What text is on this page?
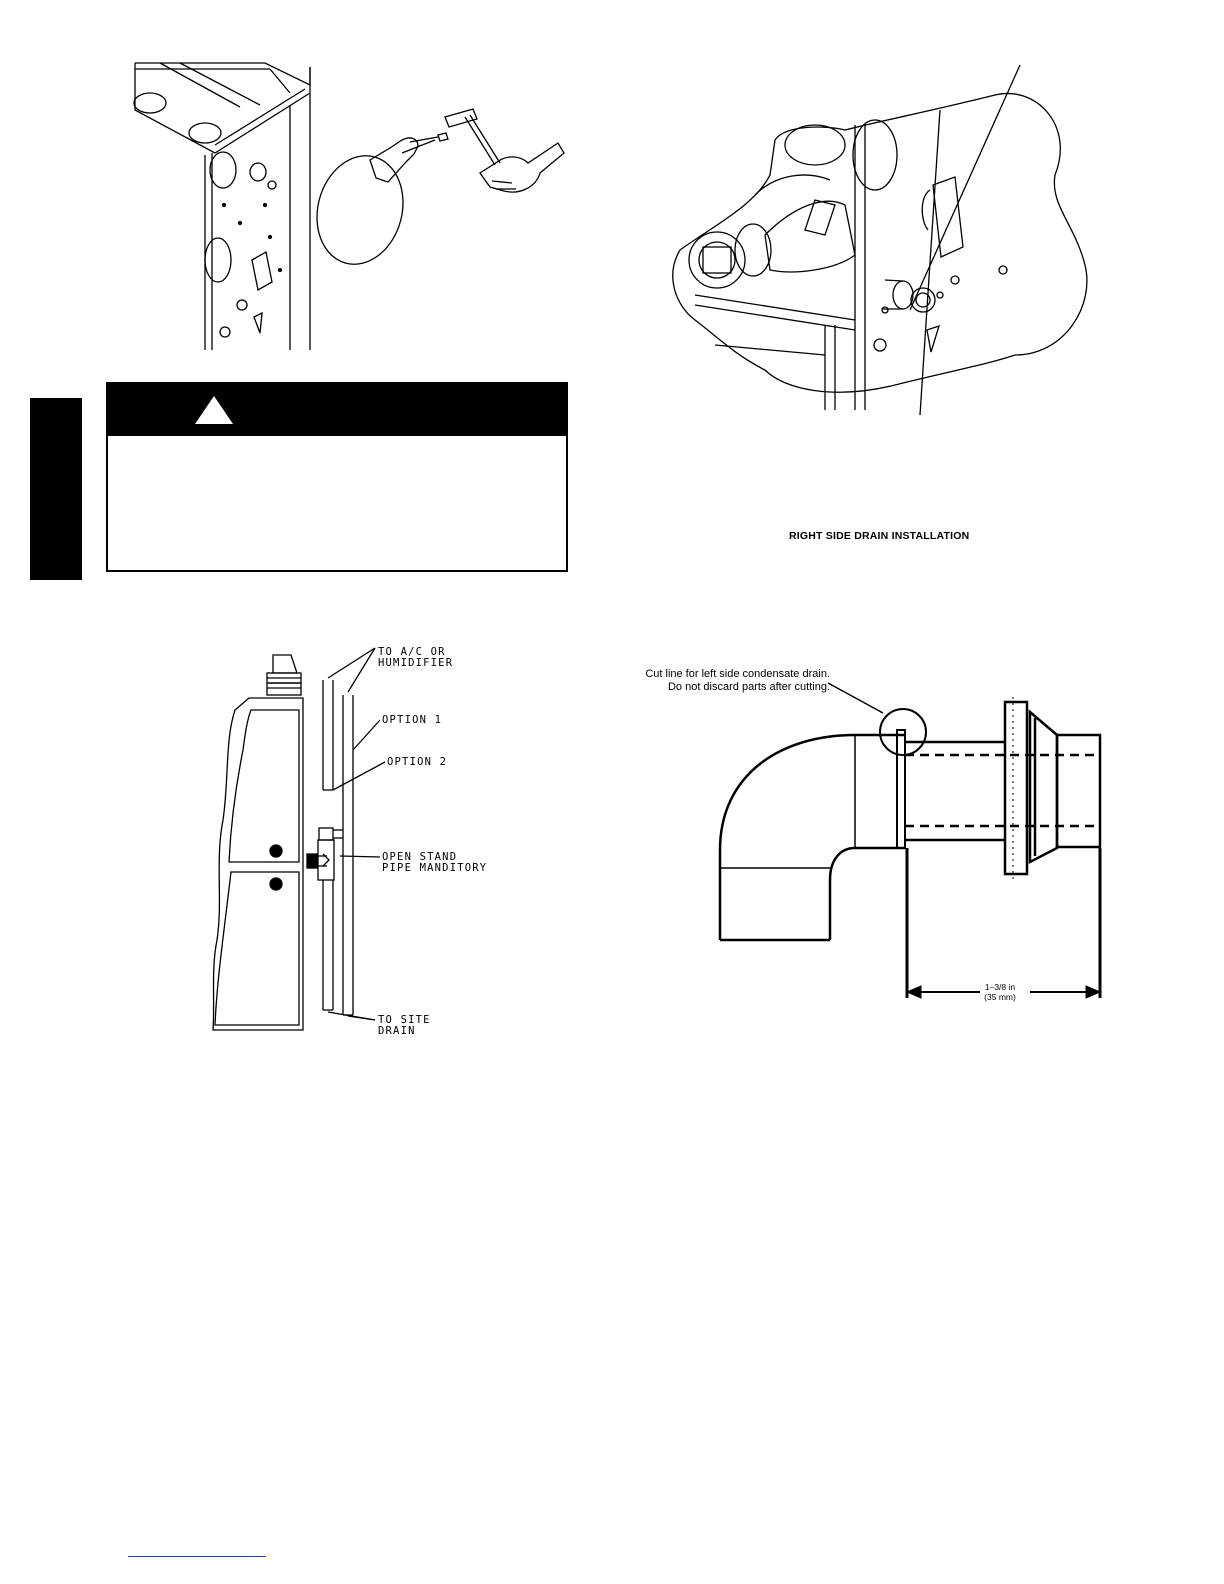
RIGHT SIDE DRAIN INSTALLATION
TO A/C OR
HUMIDIFIER
OPTION 1
OPTION 2
OPEN STAND
PIPE MANDITORY
TO SITE
DRAIN
Cut line for left side condensate drain.
Do not discard parts after cutting.
1–3/8 in
(35 mm)
